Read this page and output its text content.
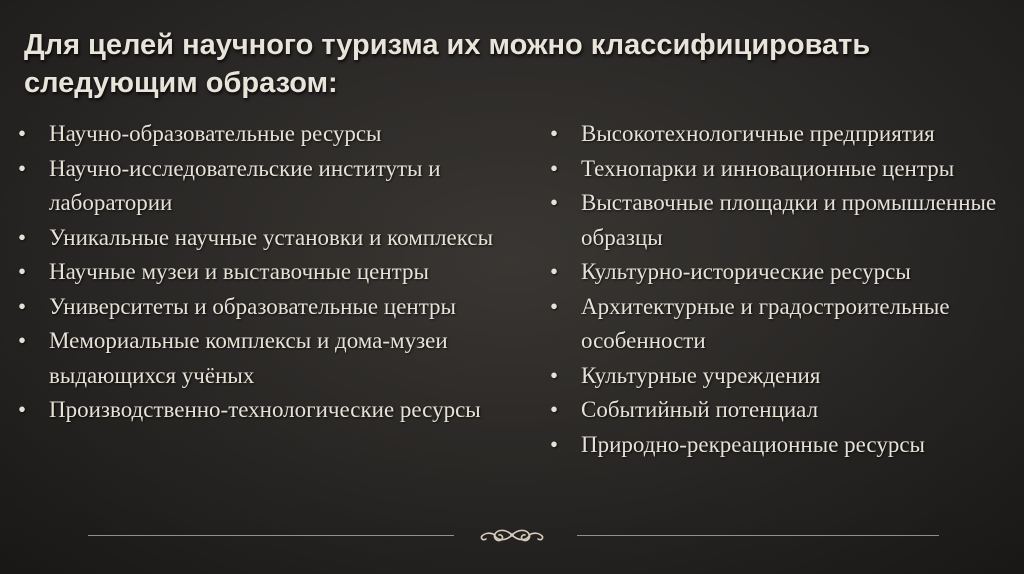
Для целей научного туризма их можно классифицировать следующим образом:
• Научно-образовательные ресурсы
• Научно-исследовательские институты и лаборатории
• Уникальные научные установки и комплексы
• Научные музеи и выставочные центры
• Университеты и образовательные центры
• Мемориальные комплексы и дома-музеи выдающихся учёных
• Производственно-технологические ресурсы
• Высокотехнологичные предприятия
• Технопарки и инновационные центры
• Выставочные площадки и промышленные образцы
• Культурно-исторические ресурсы
• Архитектурные и градостроительные особенности
• Культурные учреждения
• Событийный потенциал
• Природно-рекреационные ресурсы
